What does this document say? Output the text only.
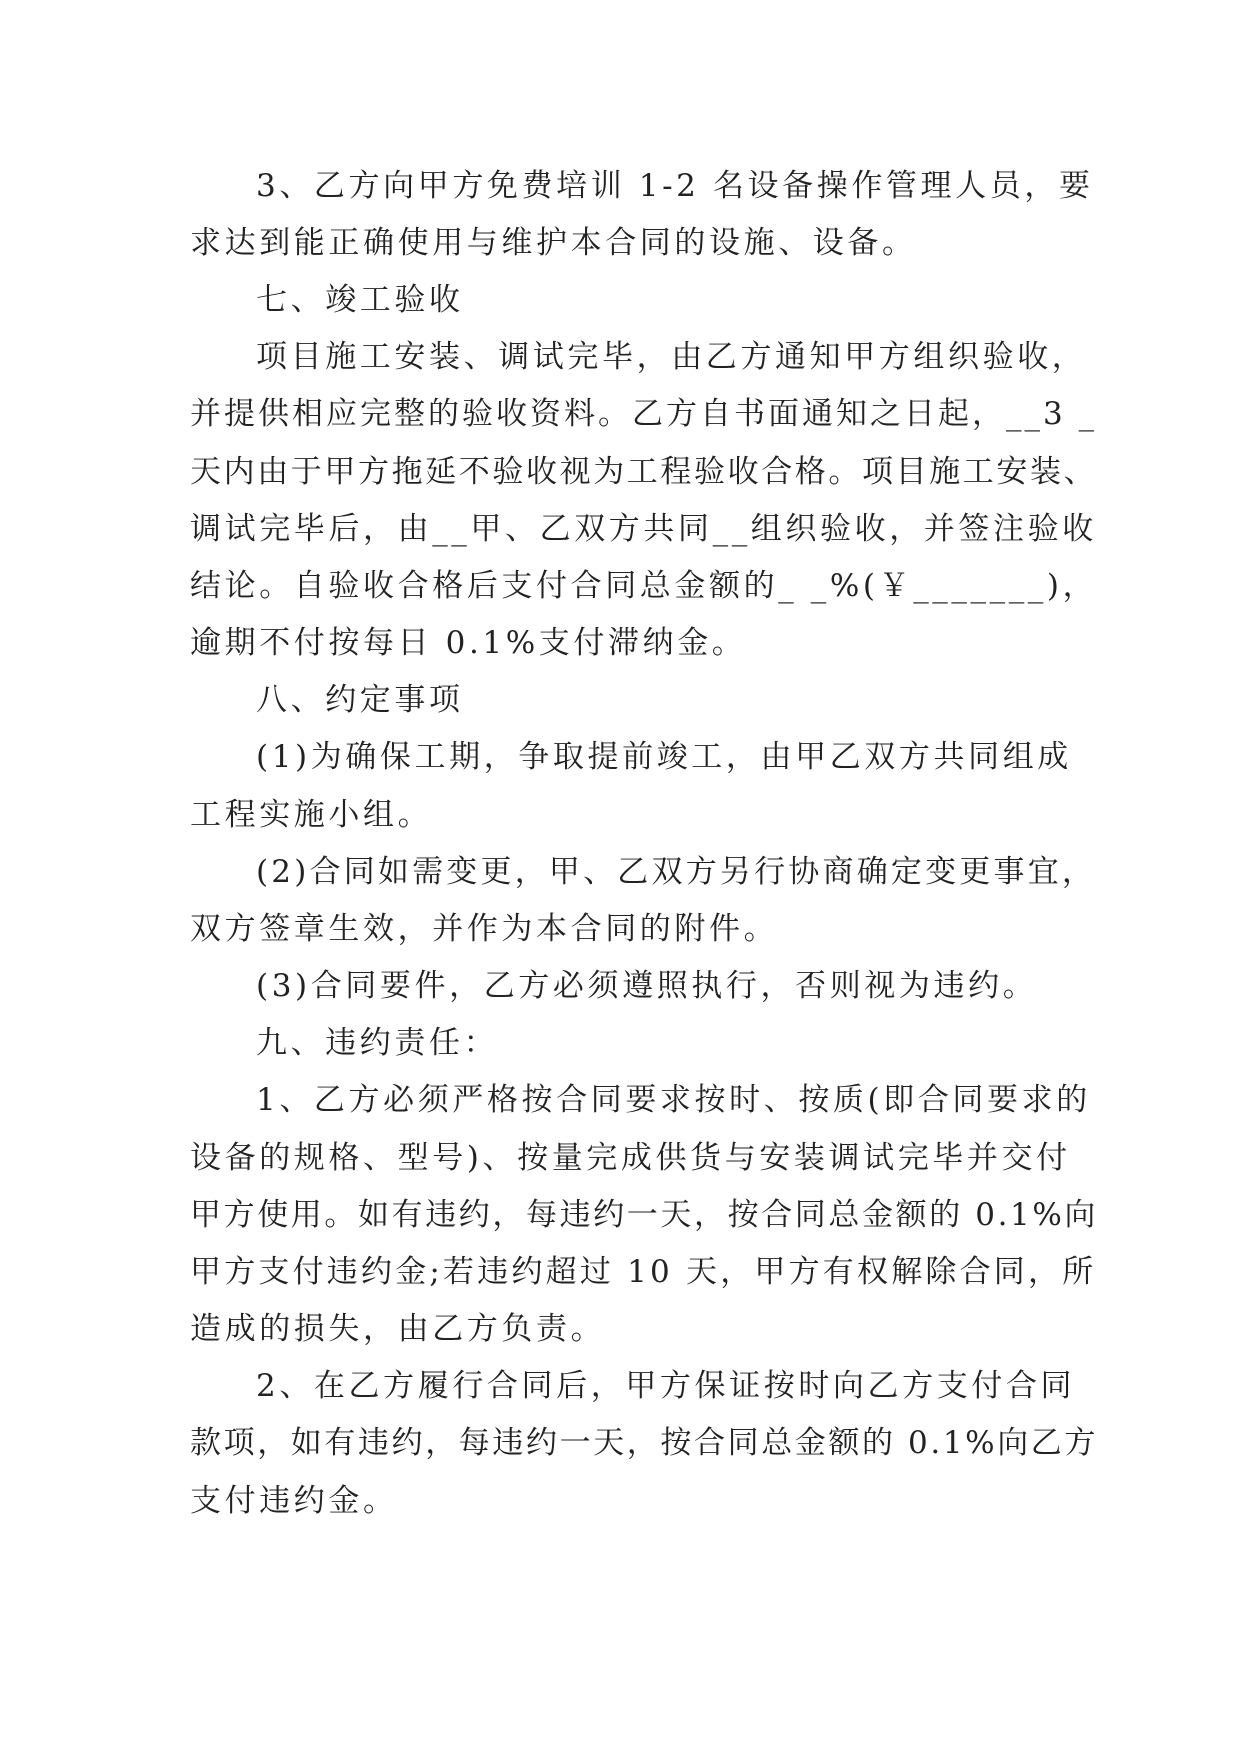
3、乙方向甲方免费培训 1-2 名设备操作管理人员，要
求达到能正确使用与维护本合同的设施、设备。
七、竣工验收
项目施工安装、调试完毕，由乙方通知甲方组织验收，
并提供相应完整的验收资料。乙方自书面通知之日起，__3 _
天内由于甲方拖延不验收视为工程验收合格。项目施工安装、
调试完毕后，由__甲、乙双方共同__组织验收，并签注验收
结论。自验收合格后支付合同总金额的_ _%(￥_______)，
逾期不付按每日 0.1%支付滞纳金。
八、约定事项
(1)为确保工期，争取提前竣工，由甲乙双方共同组成
工程实施小组。
(2)合同如需变更，甲、乙双方另行协商确定变更事宜，
双方签章生效，并作为本合同的附件。
(3)合同要件，乙方必须遵照执行，否则视为违约。
九、违约责任：
1、乙方必须严格按合同要求按时、按质(即合同要求的
设备的规格、型号)、按量完成供货与安装调试完毕并交付
甲方使用。如有违约，每违约一天，按合同总金额的 0.1%向
甲方支付违约金;若违约超过 10 天，甲方有权解除合同，所
造成的损失，由乙方负责。
2、在乙方履行合同后，甲方保证按时向乙方支付合同
款项，如有违约，每违约一天，按合同总金额的 0.1%向乙方
支付违约金。
